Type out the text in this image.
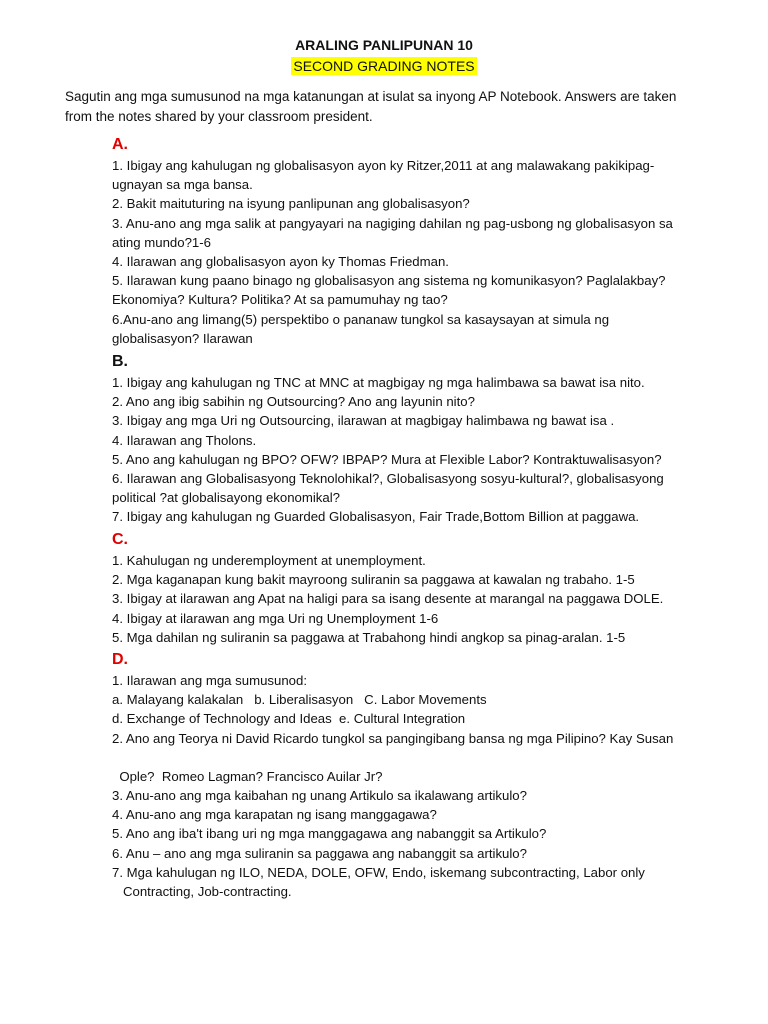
ARALING PANLIPUNAN 10
SECOND GRADING NOTES
Sagutin ang mga sumusunod na mga katanungan at isulat sa inyong AP Notebook. Answers are taken
from the notes shared by your classroom president.
A.
1. Ibigay ang kahulugan ng globalisasyon ayon ky Ritzer,2011 at ang malawakang pakikipag-
ugnayan sa mga bansa.
2. Bakit maituturing na isyung panlipunan ang globalisasyon?
3. Anu-ano ang mga salik at pangyayari na nagiging dahilan ng pag-usbong ng globalisasyon sa
ating mundo?1-6
4. Ilarawan ang globalisasyon ayon ky Thomas Friedman.
5. Ilarawan kung paano binago ng globalisasyon ang sistema ng komunikasyon? Paglalakbay?
Ekonomiya? Kultura? Politika? At sa pamumuhay ng tao?
6.Anu-ano ang limang(5) perspektibo o pananaw tungkol sa kasaysayan at simula ng
globalisasyon? Ilarawan
B.
1. Ibigay ang kahulugan ng TNC at MNC at magbigay ng mga halimbawa sa bawat isa nito.
2. Ano ang ibig sabihin ng Outsourcing? Ano ang layunin nito?
3. Ibigay ang mga Uri ng Outsourcing, ilarawan at magbigay halimbawa ng bawat isa .
4. Ilarawan ang Tholons.
5. Ano ang kahulugan ng BPO? OFW? IBPAP? Mura at Flexible Labor? Kontraktuwalisasyon?
6. Ilarawan ang Globalisasyong Teknolohikal?, Globalisasyong sosyu-kultural?, globalisasyong
political ?at globalisayong ekonomikal?
7. Ibigay ang kahulugan ng Guarded Globalisasyon, Fair Trade,Bottom Billion at paggawa.
C.
1. Kahulugan ng underemployment at unemployment.
2. Mga kaganapan kung bakit mayroong suliranin sa paggawa at kawalan ng trabaho. 1-5
3. Ibigay at ilarawan ang Apat na haligi para sa isang desente at marangal na paggawa DOLE.
4. Ibigay at ilarawan ang mga Uri ng Unemployment 1-6
5. Mga dahilan ng suliranin sa paggawa at Trabahong hindi angkop sa pinag-aralan. 1-5
D.
1. Ilarawan ang mga sumusunod:
a. Malayang kalakalan   b. Liberalisasyon   C. Labor Movements
d. Exchange of Technology and Ideas  e. Cultural Integration
2. Ano ang Teorya ni David Ricardo tungkol sa pangingibang bansa ng mga Pilipino? Kay Susan
Ople?  Romeo Lagman? Francisco Auilar Jr?
3. Anu-ano ang mga kaibahan ng unang Artikulo sa ikalawang artikulo?
4. Anu-ano ang mga karapatan ng isang manggagawa?
5. Ano ang iba't ibang uri ng mga manggagawa ang nabanggit sa Artikulo?
6. Anu – ano ang mga suliranin sa paggawa ang nabanggit sa artikulo?
7. Mga kahulugan ng ILO, NEDA, DOLE, OFW, Endo, iskemang subcontracting, Labor only
Contracting, Job-contracting.
